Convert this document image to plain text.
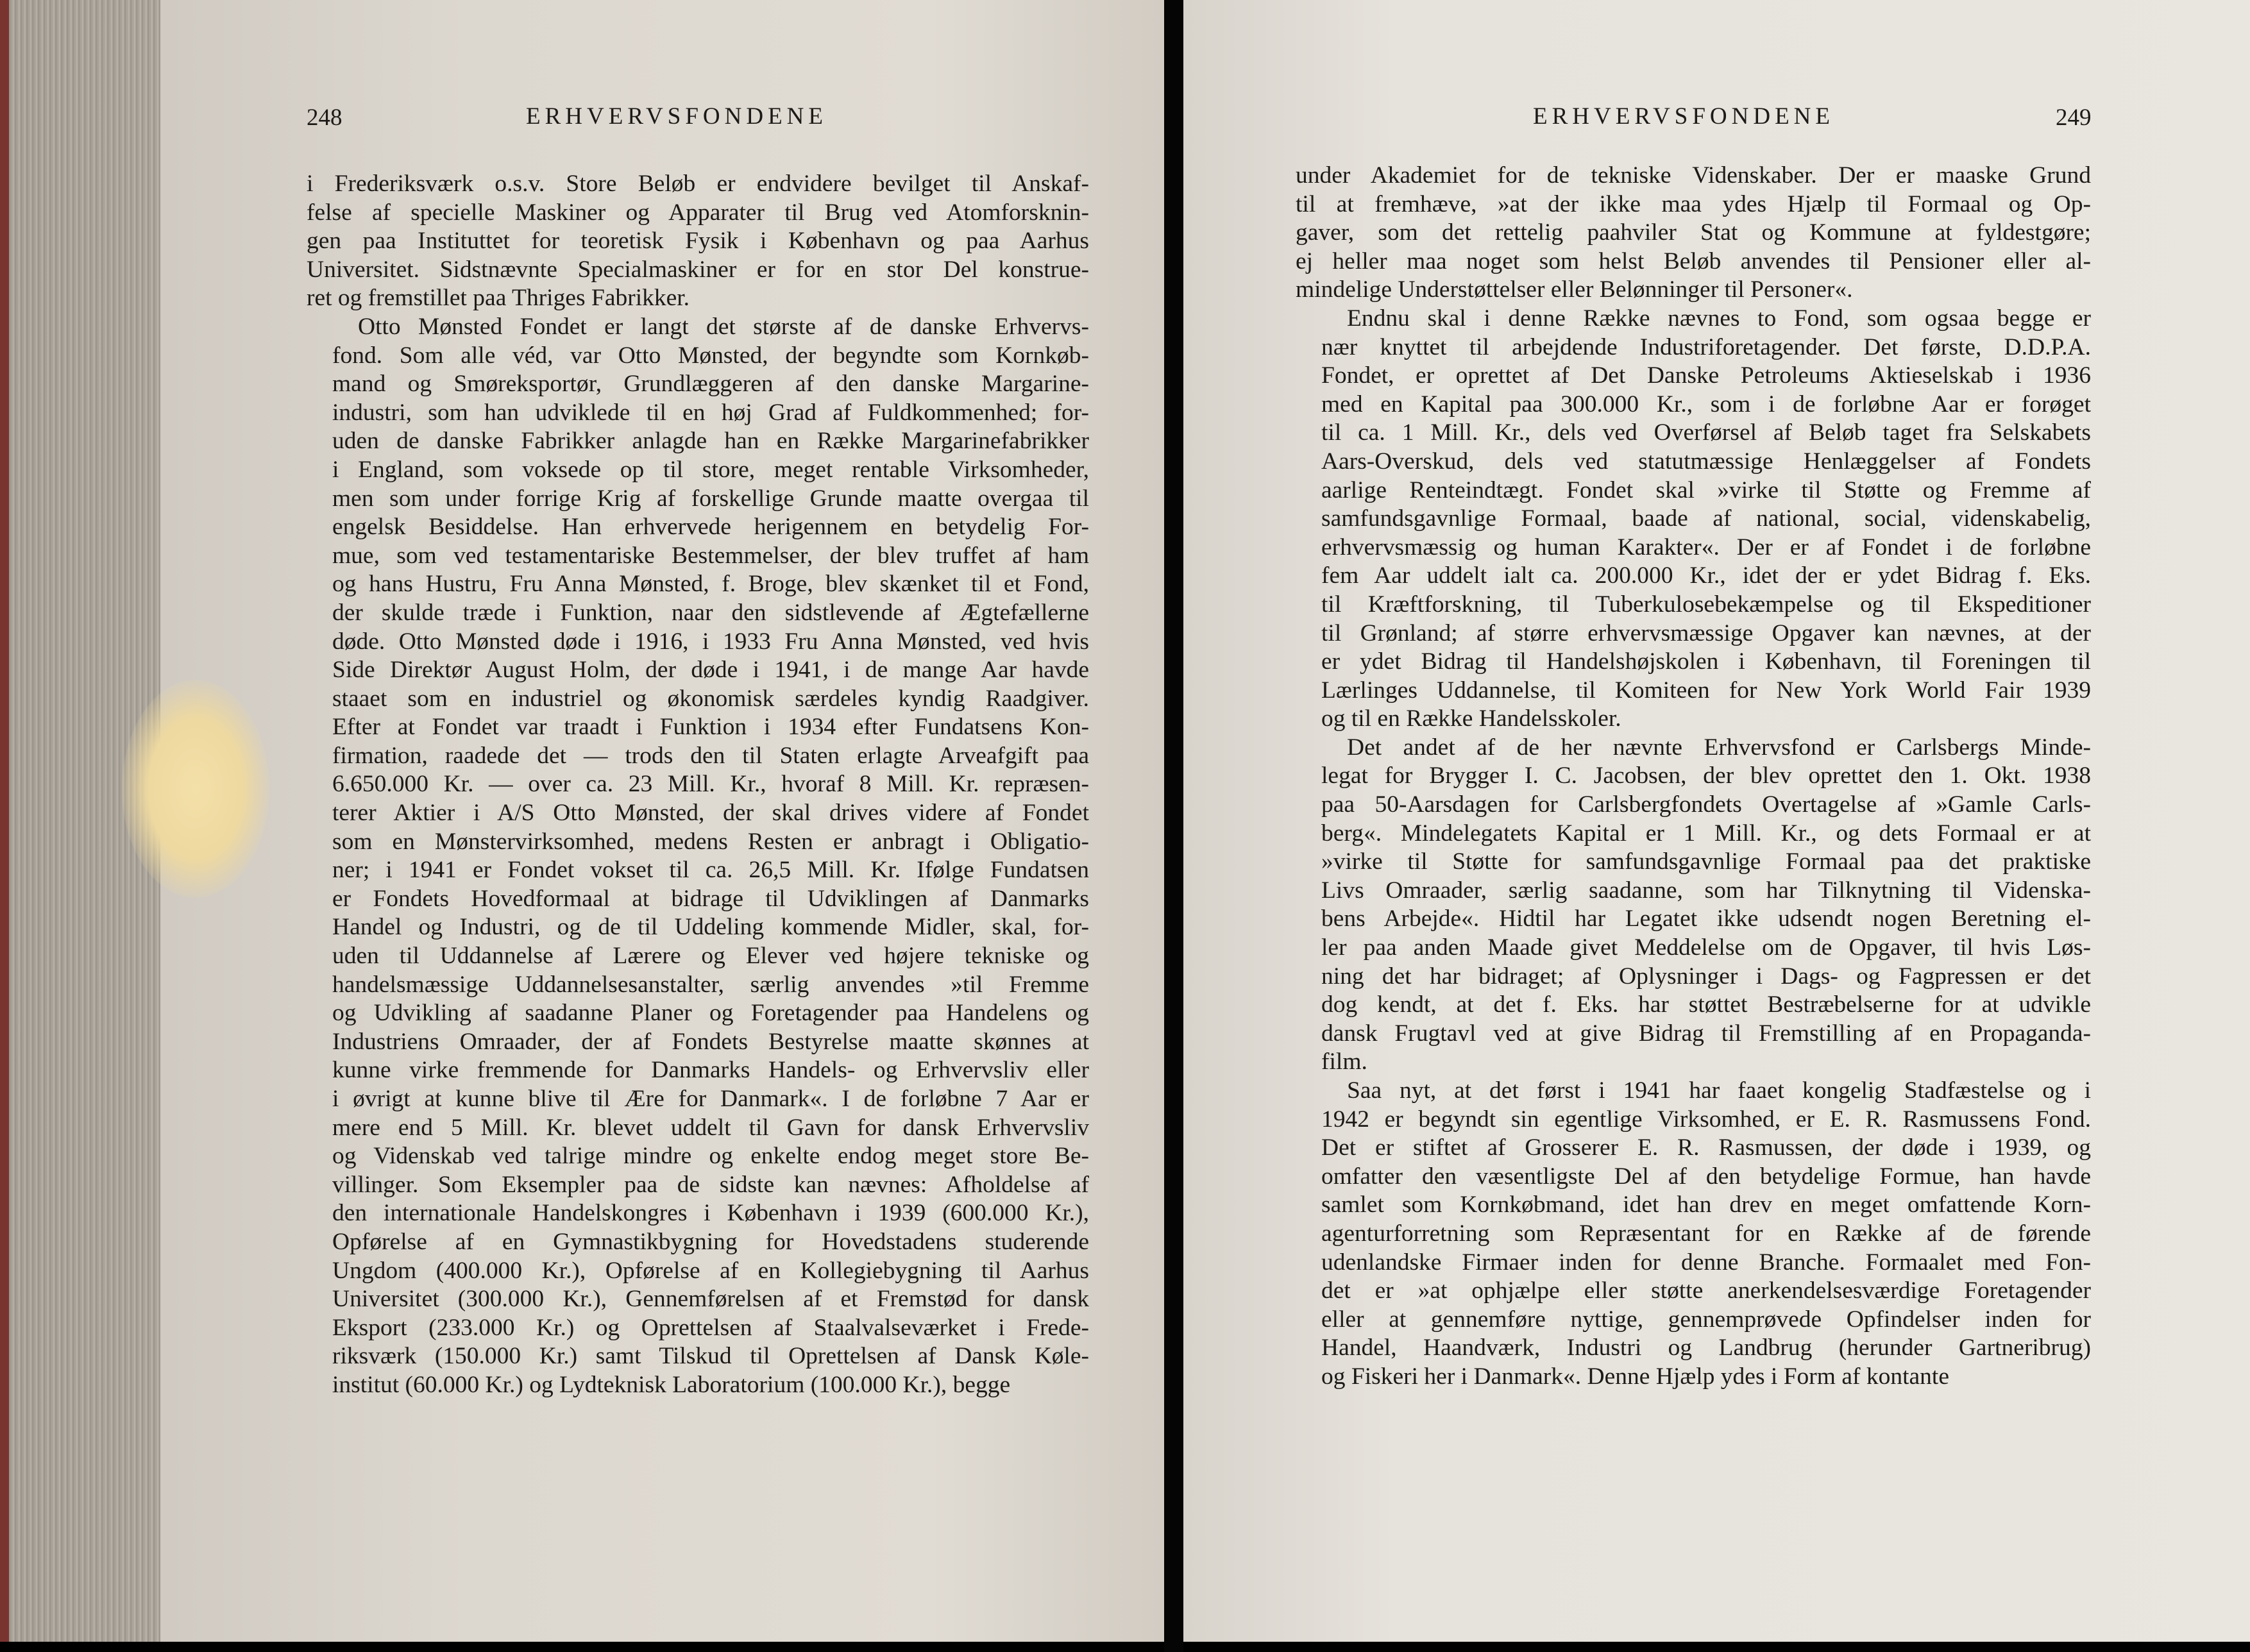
248	ERHVERVSFONDENE

i Frederiksværk o.s.v. Store Beløb er endvidere bevilget til Anskaf-
felse af specielle Maskiner og Apparater til Brug ved Atomforsknin-
gen paa Instituttet for teoretisk Fysik i København og paa Aarhus
Universitet. Sidstnævnte Specialmaskiner er for en stor Del konstrue-
ret og fremstillet paa Thriges Fabrikker.

Otto Mønsted Fondet er langt det største af de danske Erhvervs-
fond. Som alle véd, var Otto Mønsted, der begyndte som Kornkøb-
mand og Smøreksportør, Grundlæggeren af den danske Margarine-
industri, som han udviklede til en høj Grad af Fuldkommenhed; for-
uden de danske Fabrikker anlagde han en Række Margarinefabrikker
i England, som voksede op til store, meget rentable Virksomheder,
men som under forrige Krig af forskellige Grunde maatte overgaa til
engelsk Besiddelse. Han erhvervede herigennem en betydelig For-
mue, som ved testamentariske Bestemmelser, der blev truffet af ham
og hans Hustru, Fru Anna Mønsted, f. Broge, blev skænket til et Fond,
der skulde træde i Funktion, naar den sidstlevende af Ægtefællerne
døde. Otto Mønsted døde i 1916, i 1933 Fru Anna Mønsted, ved hvis
Side Direktør August Holm, der døde i 1941, i de mange Aar havde
staaet som en industriel og økonomisk særdeles kyndig Raadgiver.
Efter at Fondet var traadt i Funktion i 1934 efter Fundatsens Kon-
firmation, raadede det — trods den til Staten erlagte Arveafgift paa
6.650.000 Kr. — over ca. 23 Mill. Kr., hvoraf 8 Mill. Kr. repræsen-
terer Aktier i A/S Otto Mønsted, der skal drives videre af Fondet
som en Mønstervirksomhed, medens Resten er anbragt i Obligatio-
ner; i 1941 er Fondet vokset til ca. 26,5 Mill. Kr. Ifølge Fundatsen
er Fondets Hovedformaal at bidrage til Udviklingen af Danmarks
Handel og Industri, og de til Uddeling kommende Midler, skal, for-
uden til Uddannelse af Lærere og Elever ved højere tekniske og
handelsmæssige Uddannelsesanstalter, særlig anvendes »til Fremme
og Udvikling af saadanne Planer og Foretagender paa Handelens og
Industriens Omraader, der af Fondets Bestyrelse maatte skønnes at
kunne virke fremmende for Danmarks Handels- og Erhvervsliv eller
i øvrigt at kunne blive til Ære for Danmark«. I de forløbne 7 Aar er
mere end 5 Mill. Kr. blevet uddelt til Gavn for dansk Erhvervsliv
og Videnskab ved talrige mindre og enkelte endog meget store Be-
villinger. Som Eksempler paa de sidste kan nævnes: Afholdelse af
den internationale Handelskongres i København i 1939 (600.000 Kr.),
Opførelse af en Gymnastikbygning for Hovedstadens studerende
Ungdom (400.000 Kr.), Opførelse af en Kollegiebygning til Aarhus
Universitet (300.000 Kr.), Gennemførelsen af et Fremstød for dansk
Eksport (233.000 Kr.) og Oprettelsen af Staalvalseværket i Frede-
riksværk (150.000 Kr.) samt Tilskud til Oprettelsen af Dansk Køle-
institut (60.000 Kr.) og Lydteknisk Laboratorium (100.000 Kr.), begge

ERHVERVSFONDENE	249

under Akademiet for de tekniske Videnskaber. Der er maaske Grund
til at fremhæve, »at der ikke maa ydes Hjælp til Formaal og Op-
gaver, som det rettelig paahviler Stat og Kommune at fyldestgøre;
ej heller maa noget som helst Beløb anvendes til Pensioner eller al-
mindelige Understøttelser eller Belønninger til Personer«.

Endnu skal i denne Række nævnes to Fond, som ogsaa begge er
nær knyttet til arbejdende Industriforetagender. Det første, D.D.P.A.
Fondet, er oprettet af Det Danske Petroleums Aktieselskab i 1936
med en Kapital paa 300.000 Kr., som i de forløbne Aar er forøget
til ca. 1 Mill. Kr., dels ved Overførsel af Beløb taget fra Selskabets
Aars-Overskud, dels ved statutmæssige Henlæggelser af Fondets
aarlige Renteindtægt. Fondet skal »virke til Støtte og Fremme af
samfundsgavnlige Formaal, baade af national, social, videnskabelig,
erhvervsmæssig og human Karakter«. Der er af Fondet i de forløbne
fem Aar uddelt ialt ca. 200.000 Kr., idet der er ydet Bidrag f. Eks.
til Kræftforskning, til Tuberkulosebekæmpelse og til Ekspeditioner
til Grønland; af større erhvervsmæssige Opgaver kan nævnes, at der
er ydet Bidrag til Handelshøjskolen i København, til Foreningen til
Lærlinges Uddannelse, til Komiteen for New York World Fair 1939
og til en Række Handelsskoler.

Det andet af de her nævnte Erhvervsfond er Carlsbergs Minde-
legat for Brygger I. C. Jacobsen, der blev oprettet den 1. Okt. 1938
paa 50-Aarsdagen for Carlsbergfondets Overtagelse af »Gamle Carls-
berg«. Mindelegatets Kapital er 1 Mill. Kr., og dets Formaal er at
»virke til Støtte for samfundsgavnlige Formaal paa det praktiske
Livs Omraader, særlig saadanne, som har Tilknytning til Videnska-
bens Arbejde«. Hidtil har Legatet ikke udsendt nogen Beretning el-
ler paa anden Maade givet Meddelelse om de Opgaver, til hvis Løs-
ning det har bidraget; af Oplysninger i Dags- og Fagpressen er det
dog kendt, at det f. Eks. har støttet Bestræbelserne for at udvikle
dansk Frugtavl ved at give Bidrag til Fremstilling af en Propaganda-
film.

Saa nyt, at det først i 1941 har faaet kongelig Stadfæstelse og i
1942 er begyndt sin egentlige Virksomhed, er E. R. Rasmussens Fond.
Det er stiftet af Grosserer E. R. Rasmussen, der døde i 1939, og
omfatter den væsentligste Del af den betydelige Formue, han havde
samlet som Kornkøbmand, idet han drev en meget omfattende Korn-
agenturforretning som Repræsentant for en Række af de førende
udenlandske Firmaer inden for denne Branche. Formaalet med Fon-
det er »at ophjælpe eller støtte anerkendelsesværdige Foretagender
eller at gennemføre nyttige, gennemprøvede Opfindelser inden for
Handel, Haandværk, Industri og Landbrug (herunder Gartneribrug)
og Fiskeri her i Danmark«. Denne Hjælp ydes i Form af kontante
